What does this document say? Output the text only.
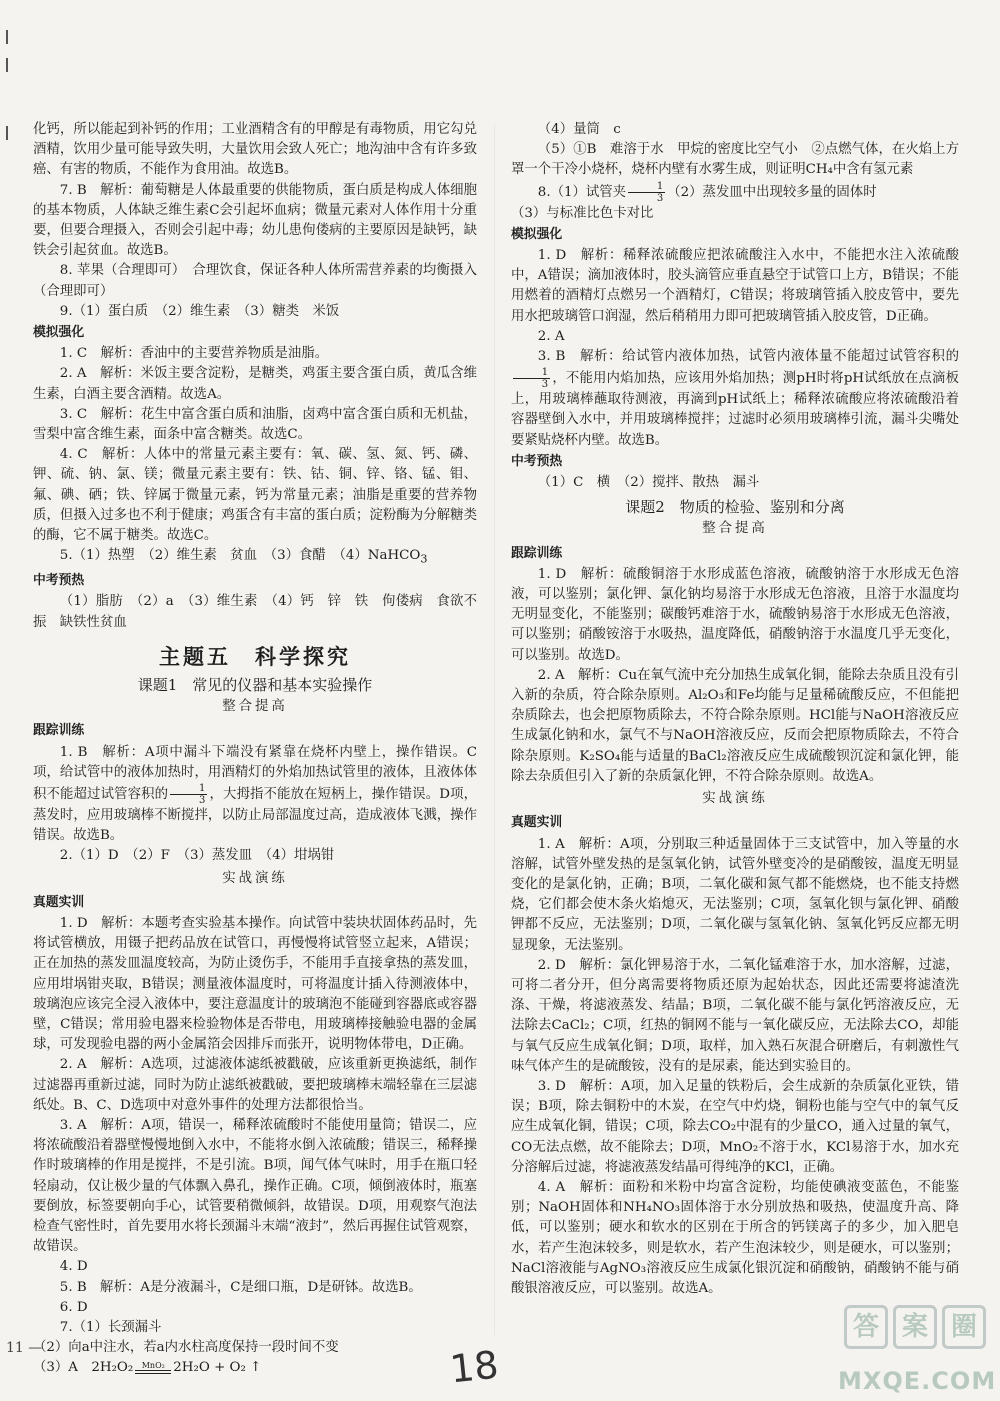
化钙，所以能起到补钙的作用；工业酒精含有的甲醇是有毒物质，用它勾兑酒精，饮用少量可能导致失明，大量饮用会致人死亡；地沟油中含有许多致癌、有害的物质，不能作为食用油。故选B。

7. B　解析：葡萄糖是人体最重要的供能物质，蛋白质是构成人体细胞的基本物质，人体缺乏维生素C会引起坏血病；微量元素对人体作用十分重要，但要合理摄入，否则会引起中毒；幼儿患佝偻病的主要原因是缺钙，缺铁会引起贫血。故选B。

8. 苹果（合理即可）　合理饮食，保证各种人体所需营养素的均衡摄入（合理即可）

9.（1）蛋白质　（2）维生素　（3）糖类　米饭

模拟强化

1. C　解析：香油中的主要营养物质是油脂。

2. A　解析：米饭主要含淀粉，是糖类，鸡蛋主要含蛋白质，黄瓜含维生素，白酒主要含酒精。故选A。

3. C　解析：花生中富含蛋白质和油脂，卤鸡中富含蛋白质和无机盐，雪梨中富含维生素，面条中富含糖类。故选C。

4. C　解析：人体中的常量元素主要有：氧、碳、氢、氮、钙、磷、钾、硫、钠、氯、镁；微量元素主要有：铁、钴、铜、锌、铬、锰、钼、氟、碘、硒；铁、锌属于微量元素，钙为常量元素；油脂是重要的营养物质，但摄入过多也不利于健康；鸡蛋含有丰富的蛋白质；淀粉酶为分解糖类的酶，它不属于糖类。故选C。

5.（1）热塑　（2）维生素　贫血　（3）食醋　（4）NaHCO$_3$

中考预热

（1）脂肪　（2）a　（3）维生素　（4）钙　锌　铁　佝偻病　食欲不振　缺铁性贫血

主题五　科学探究
课题1　常见的仪器和基本实验操作
整合提高

跟踪训练

1. B　解析：A项中漏斗下端没有紧靠在烧杯内壁上，操作错误。C项，给试管中的液体加热时，用酒精灯的外焰加热试管里的液体，且液体体积不能超过试管容积的 $\frac{1}{3}$ ，大拇指不能放在短柄上，操作错误。D项，蒸发时，应用玻璃棒不断搅拌，以防止局部温度过高，造成液体飞溅，操作错误。故选B。

2.（1）D　（2）F　（3）蒸发皿　（4）坩埚钳

实战演练

真题实训

1. D　解析：本题考查实验基本操作。向试管中装块状固体药品时，先将试管横放，用镊子把药品放在试管口，再慢慢将试管竖立起来，A错误；正在加热的蒸发皿温度较高，为防止烫伤手，不能用手直接拿热的蒸发皿，应用坩埚钳夹取，B错误；测量液体温度时，可将温度计插入待测液体中，玻璃泡应该完全浸入液体中，要注意温度计的玻璃泡不能碰到容器底或容器壁，C错误；常用验电器来检验物体是否带电，用玻璃棒接触验电器的金属球，可发现验电器的两小金属箔会因排斥而张开，说明物体带电，D正确。

2. A　解析：A选项，过滤液体滤纸被戳破，应该重新更换滤纸，制作过滤器再重新过滤，同时为防止滤纸被戳破，要把玻璃棒末端轻靠在三层滤纸处。B、C、D选项中对意外事件的处理方法都很恰当。

3. A　解析：A项，错误一，稀释浓硫酸时不能使用量筒；错误二，应将浓硫酸沿着器壁慢慢地倒入水中，不能将水倒入浓硫酸；错误三，稀释操作时玻璃棒的作用是搅拌，不是引流。B项，闻气体气味时，用手在瓶口轻轻扇动，仅让极少量的气体飘入鼻孔，操作正确。C项，倾倒液体时，瓶塞要倒放，标签要朝向手心，试管要稍微倾斜，故错误。D项，用观察气泡法检查气密性时，首先要用水将长颈漏斗末端“液封”，然后再握住试管观察，故错误。

4. D

5. B　解析：A是分液漏斗，C是细口瓶，D是研钵。故选B。

6. D

7.（1）长颈漏斗

（2）向a中注水，若a内水柱高度保持一段时间不变

（3）A　2H₂O₂	MnO₂ 2H₂O + O₂ ↑

（4）量筒　c

（5）①B　难溶于水　甲烷的密度比空气小　②点燃气体，在火焰上方罩一个干冷小烧杯，烧杯内壁有水雾生成，则证明CH₄中含有氢元素

8.（1）试管夹 $\frac{1}{3} (2)$蒸发皿中出现较多量的固体时

（3）与标准比色卡对比

模拟强化

1. D　解析：稀释浓硫酸应把浓硫酸注入水中，不能把水注入浓硫酸中，A错误；滴加液体时，胶头滴管应垂直悬空于试管口上方，B错误；不能用燃着的酒精灯点燃另一个酒精灯，C错误；将玻璃管插入胶皮管中，要先用水把玻璃管口润湿，然后稍稍用力即可把玻璃管插入胶皮管，D正确。

2. A

3. B　解析：给试管内液体加热，试管内液体量不能超过试管容积的
$\frac{1}{3}$ ，不能用内焰加热，应该用外焰加热；测pH时将pH试纸放在点滴板上，用玻璃棒蘸取待测液，再滴到pH试纸上；稀释浓硫酸应将浓硫酸沿着容器壁倒入水中，并用玻璃棒搅拌；过滤时必须用玻璃棒引流，漏斗尖嘴处要紧贴烧杯内壁。故选B。

中考预热

（1）C　横　（2）搅拌、散热　漏斗

课题2　物质的检验、鉴别和分离
整合提高

跟踪训练

1. D　解析：硫酸铜溶于水形成蓝色溶液，硫酸钠溶于水形成无色溶液，可以鉴别；氯化钾、氯化钠均易溶于水形成无色溶液，且溶于水温度均无明显变化，不能鉴别；碳酸钙难溶于水，硫酸钠易溶于水形成无色溶液，可以鉴别；硝酸铵溶于水吸热，温度降低，硝酸钠溶于水温度几乎无变化，可以鉴别。故选D。

2. A　解析：Cu在氧气流中充分加热生成氧化铜，能除去杂质且没有引入新的杂质，符合除杂原则。Al₂O₃和Fe均能与足量稀硫酸反应，不但能把杂质除去，也会把原物质除去，不符合除杂原则。HCl能与NaOH溶液反应生成氯化钠和水，氯气不与NaOH溶液反应，反而会把原物质除去，不符合除杂原则。K₂SO₄能与适量的BaCl₂溶液反应生成硫酸钡沉淀和氯化钾，能除去杂质但引入了新的杂质氯化钾，不符合除杂原则。故选A。

实战演练

真题实训

1. A　解析：A项，分别取三种适量固体于三支试管中，加入等量的水溶解，试管外壁发热的是氢氧化钠，试管外壁变冷的是硝酸铵，温度无明显变化的是氯化钠，正确；B项，二氧化碳和氮气都不能燃烧，也不能支持燃烧，它们都会使木条火焰熄灭，无法鉴别；C项，氢氧化钡与氯化钾、硝酸钾都不反应，无法鉴别；D项，二氧化碳与氢氧化钠、氢氧化钙反应都无明显现象，无法鉴别。

2. D　解析：氯化钾易溶于水，二氧化锰难溶于水，加水溶解，过滤，可将二者分开，但分离需要将物质还原为起始状态，因此还需要将滤渣洗涤、干燥，将滤液蒸发、结晶；B项，二氧化碳不能与氯化钙溶液反应，无法除去CaCl₂；C项，红热的铜网不能与一氧化碳反应，无法除去CO，却能与氧气反应生成氧化铜；D项，取样，加入熟石灰混合研磨后，有刺激性气味气体产生的是硫酸铵，没有的是尿素，能达到实验目的。

3. D　解析：A项，加入足量的铁粉后，会生成新的杂质氯化亚铁，错误；B项，除去铜粉中的木炭，在空气中灼烧，铜粉也能与空气中的氧气反应生成氧化铜，错误；C项，除去CO₂中混有的少量CO，通入过量的氧气，CO无法点燃，故不能除去；D项，MnO₂不溶于水，KCl易溶于水，加水充分溶解后过滤，将滤液蒸发结晶可得纯净的KCl，正确。

4. A　解析：面粉和米粉中均富含淀粉，均能使碘液变蓝色，不能鉴别；NaOH固体和NH₄NO₃固体溶于水分别放热和吸热，使温度升高、降低，可以鉴别；硬水和软水的区别在于所含的钙镁离子的多少，加入肥皂水，若产生泡沫较多，则是软水，若产生泡沫较少，则是硬水，可以鉴别；NaCl溶液能与AgNO₃溶液反应生成氯化银沉淀和硝酸钠，硝酸钠不能与硝酸银溶液反应，可以鉴别。故选A。

11 —	18
答 案 圈
MXQE.COM
